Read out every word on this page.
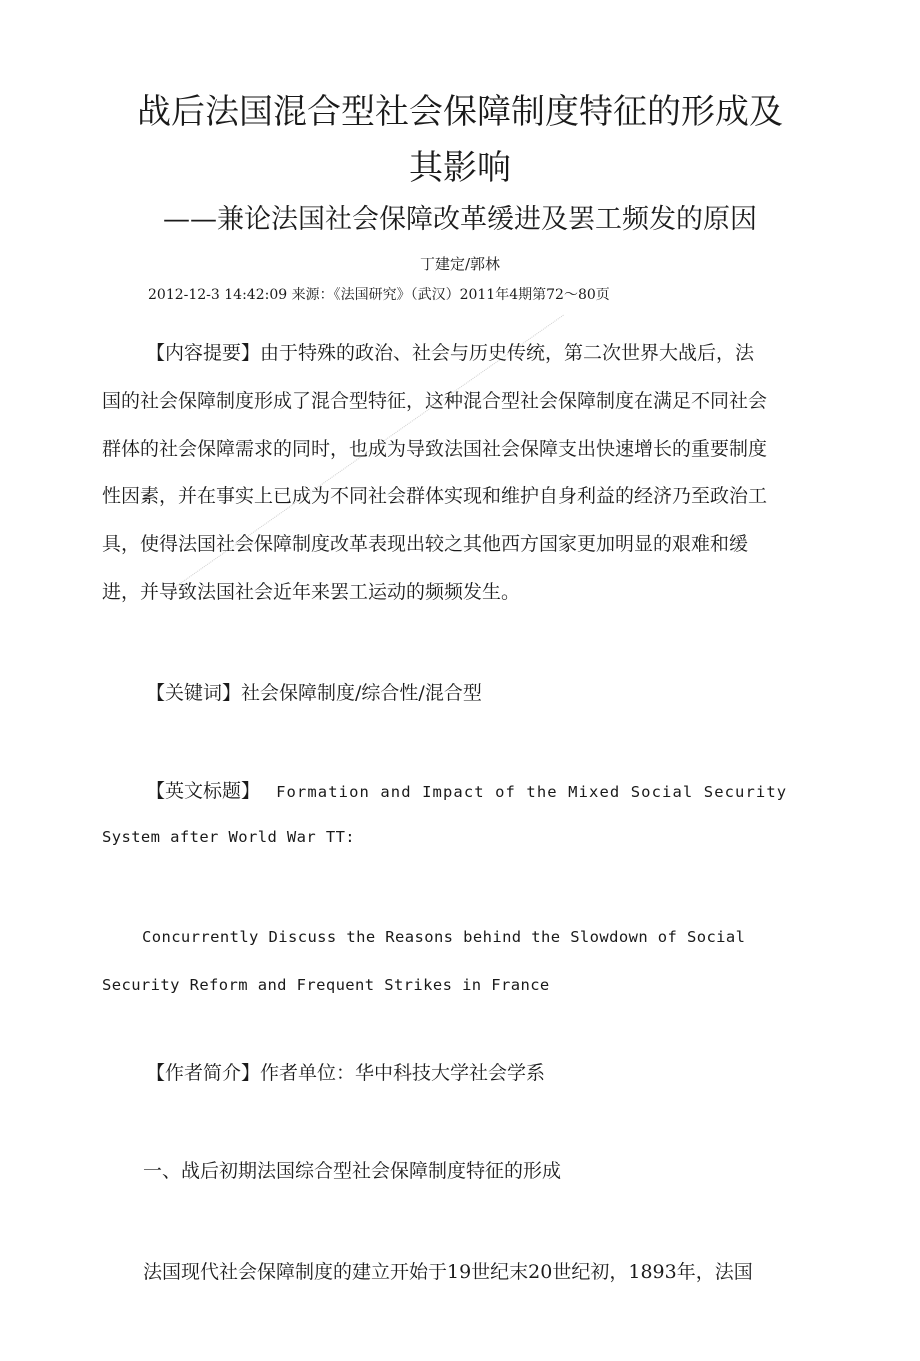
战后法国混合型社会保障制度特征的形成及
其影响
——兼论法国社会保障改革缓进及罢工频发的原因
丁建定/郭林
2012-12-3 14:42:09 来源：《法国研究》（武汉）2011年4期第72～80页
【内容提要】由于特殊的政治、社会与历史传统，第二次世界大战后，法
国的社会保障制度形成了混合型特征，这种混合型社会保障制度在满足不同社会
群体的社会保障需求的同时，也成为导致法国社会保障支出快速增长的重要制度
性因素，并在事实上已成为不同社会群体实现和维护自身利益的经济乃至政治工
具，使得法国社会保障制度改革表现出较之其他西方国家更加明显的艰难和缓
进，并导致法国社会近年来罢工运动的频频发生。
【关键词】社会保障制度/综合性/混合型
【英文标题】 Formation and Impact of the Mixed Social Security
System after World War TT:
Concurrently Discuss the Reasons behind the Slowdown of Social
Security Reform and Frequent Strikes in France
【作者简介】作者单位：华中科技大学社会学系
一、战后初期法国综合型社会保障制度特征的形成
法国现代社会保障制度的建立开始于19世纪末20世纪初，1893年，法国
